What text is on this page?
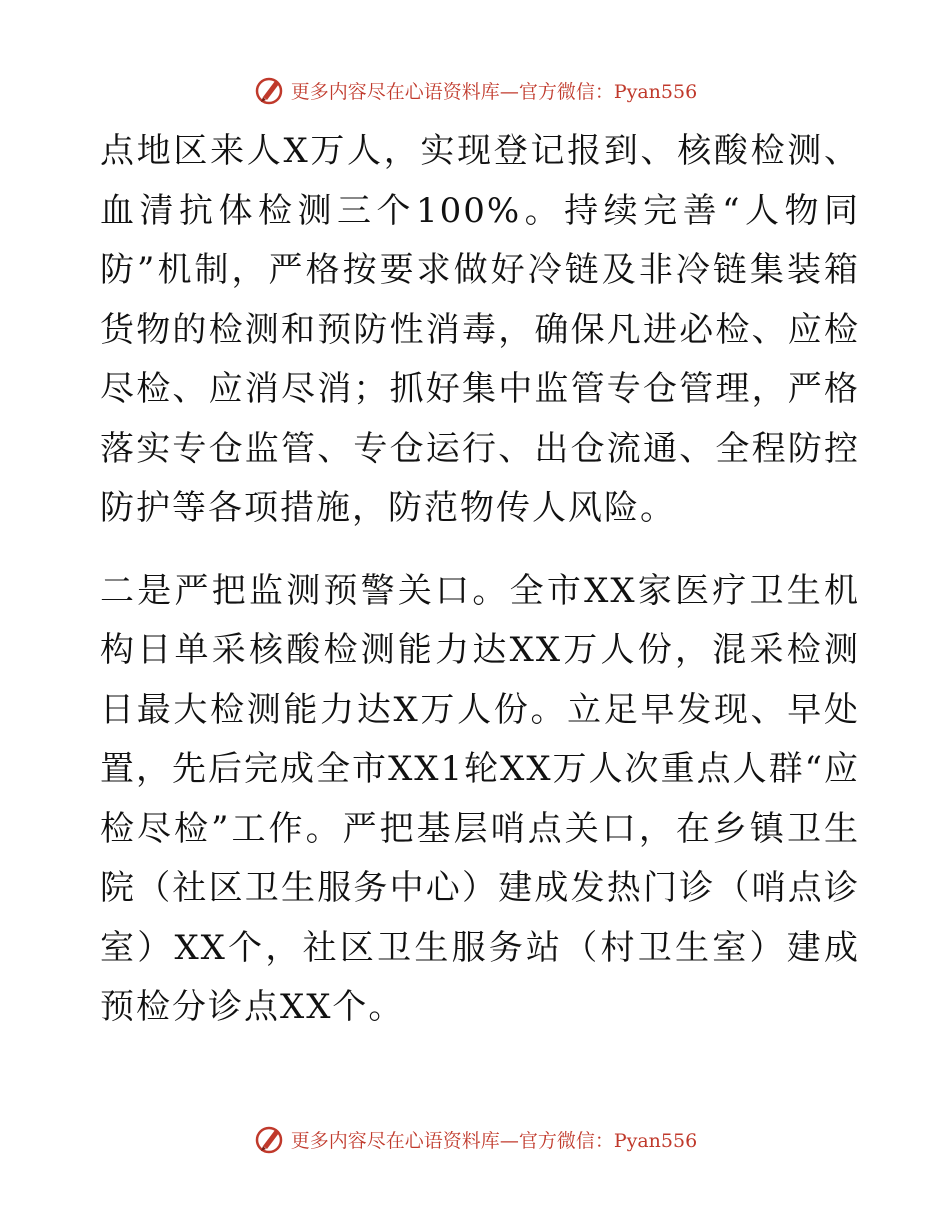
更多内容尽在心语资料库—官方微信：Pyan556

点地区来人X万人，实现登记报到、核酸检测、血清抗体检测三个100%。持续完善“人物同防”机制，严格按要求做好冷链及非冷链集装箱货物的检测和预防性消毒，确保凡进必检、应检尽检、应消尽消；抓好集中监管专仓管理，严格落实专仓监管、专仓运行、出仓流通、全程防控防护等各项措施，防范物传人风险。

二是严把监测预警关口。全市XX家医疗卫生机构日单采核酸检测能力达XX万人份，混采检测日最大检测能力达X万人份。立足早发现、早处置，先后完成全市XX1轮XX万人次重点人群“应检尽检”工作。严把基层哨点关口，在乡镇卫生院（社区卫生服务中心）建成发热门诊（哨点诊室）XX个，社区卫生服务站（村卫生室）建成预检分诊点XX个。

更多内容尽在心语资料库—官方微信：Pyan556
